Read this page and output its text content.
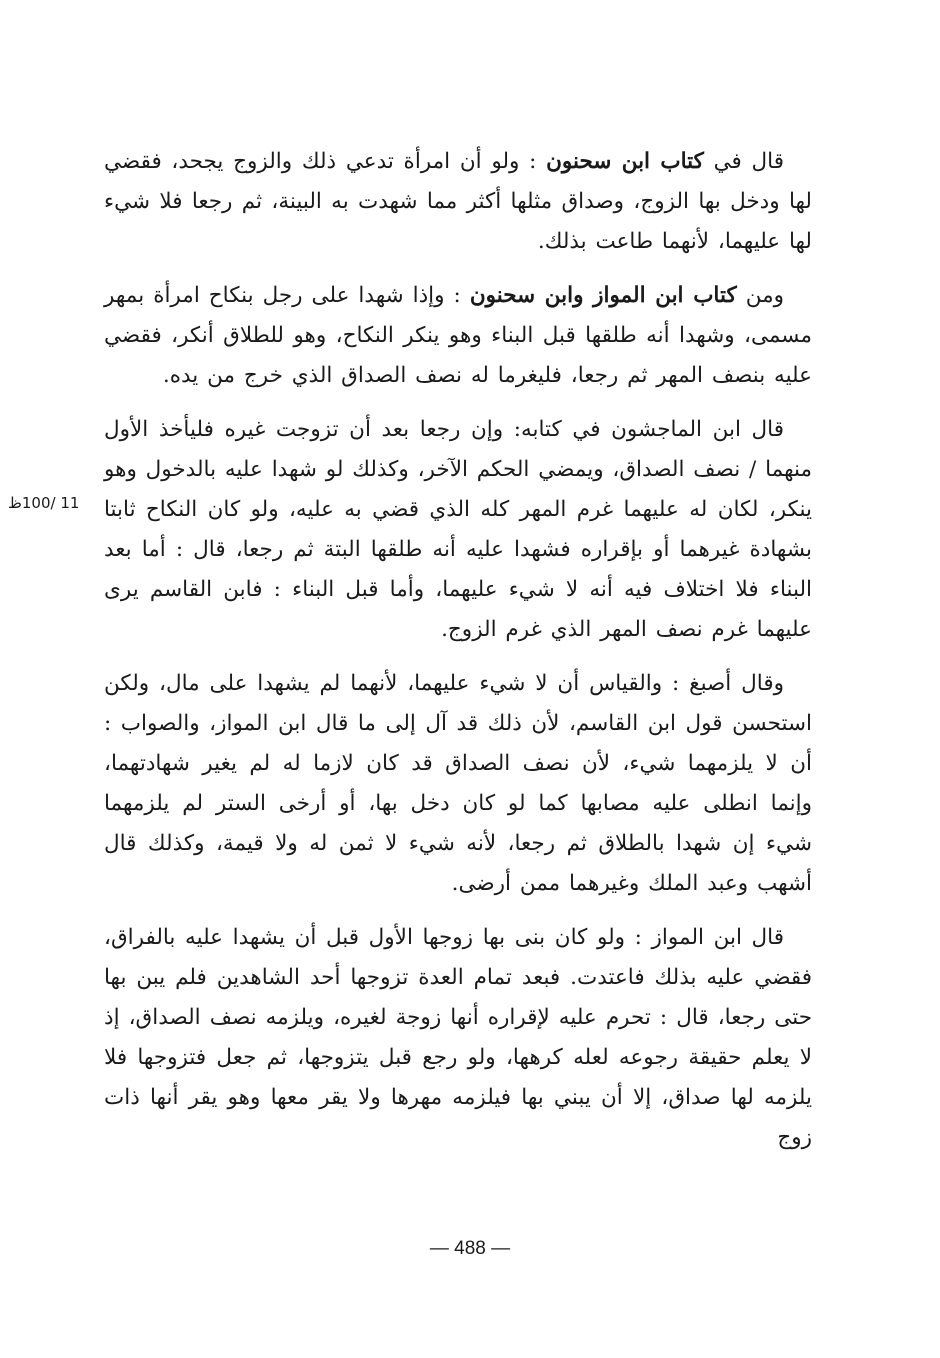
قال في كتاب ابن سحنون : ولو أن امرأة تدعي ذلك والزوج يجحد، فقضي لها ودخل بها الزوج، وصداق مثلها أكثر مما شهدت به البينة، ثم رجعا فلا شيء لها عليهما، لأنهما طاعت بذلك.

ومن كتاب ابن المواز وابن سحنون : وإذا شهدا على رجل بنكاح امرأة بمهر مسمى، وشهدا أنه طلقها قبل البناء وهو ينكر النكاح، وهو للطلاق أنكر، فقضي عليه بنصف المهر ثم رجعا، فليغرما له نصف الصداق الذي خرج من يده.

قال ابن الماجشون في كتابه: وإن رجعا بعد أن تزوجت غيره فليأخذ الأول منهما / نصف الصداق، ويمضي الحكم الآخر، وكذلك لو شهدا عليه بالدخول وهو ينكر، لكان له عليهما غرم المهر كله الذي قضي به عليه، ولو كان النكاح ثابتا بشهادة غيرهما أو بإقراره فشهدا عليه أنه طلقها البتة ثم رجعا، قال : أما بعد البناء فلا اختلاف فيه أنه لا شيء عليهما، وأما قبل البناء : فابن القاسم يرى عليهما غرم نصف المهر الذي غرم الزوج.

وقال أصبغ : والقياس أن لا شيء عليهما، لأنهما لم يشهدا على مال، ولكن استحسن قول ابن القاسم، لأن ذلك قد آل إلى ما قال ابن المواز، والصواب : أن لا يلزمهما شيء، لأن نصف الصداق قد كان لازما له لم يغير شهادتهما، وإنما انطلى عليه مصابها كما لو كان دخل بها، أو أرخى الستر لم يلزمهما شيء إن شهدا بالطلاق ثم رجعا، لأنه شيء لا ثمن له ولا قيمة، وكذلك قال أشهب وعبد الملك وغيرهما ممن أرضى.

قال ابن المواز : ولو كان بنى بها زوجها الأول قبل أن يشهدا عليه بالفراق، فقضي عليه بذلك فاعتدت. فبعد تمام العدة تزوجها أحد الشاهدين فلم يبن بها حتى رجعا، قال : تحرم عليه لإقراره أنها زوجة لغيره، ويلزمه نصف الصداق، إذ لا يعلم حقيقة رجوعه لعله كرهها، ولو رجع قبل يتزوجها، ثم جعل فتزوجها فلا يلزمه لها صداق، إلا أن يبني بها فيلزمه مهرها ولا يقر معها وهو يقر أنها ذات زوج

11 /100ظ
— 488 —
